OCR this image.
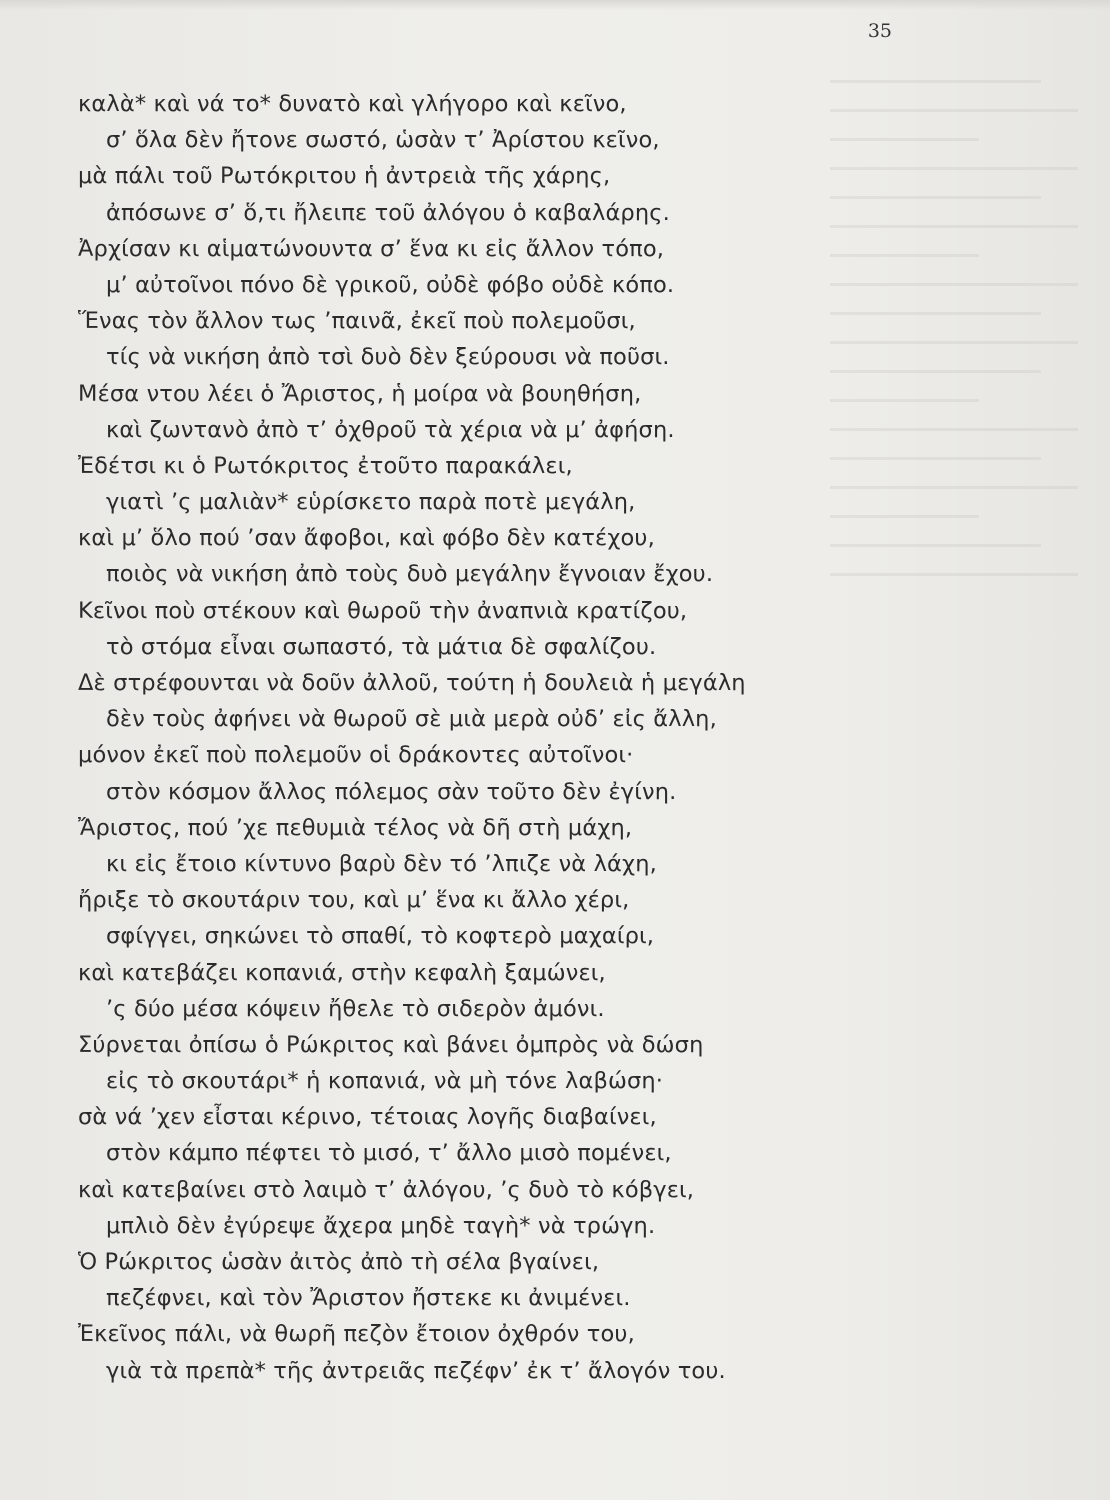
35
καλὰ* καὶ νά το* δυνατὸ καὶ γλήγορο καὶ κεῖνο,
σ’ ὅλα δὲν ἤτονε σωστό, ὡσὰν τ’ Ἀρίστου κεῖνο,
μὰ πάλι τοῦ Ρωτόκριτου ἡ ἀντρειὰ τῆς χάρης,
ἀπόσωνε σ’ ὅ,τι ἤλειπε τοῦ ἀλόγου ὁ καβαλάρης.
Ἀρχίσαν κι αἱματώνουντα σ’ ἕνα κι εἰς ἄλλον τόπο,
μ’ αὐτοῖνοι πόνο δὲ γρικοῦ, οὐδὲ φόβο οὐδὲ κόπο.
Ἕνας τὸν ἄλλον τως ’παινᾶ, ἐκεῖ ποὺ πολεμοῦσι,
τίς νὰ νικήση ἀπὸ τσὶ δυὸ δὲν ξεύρουσι νὰ ποῦσι.
Μέσα ντου λέει ὁ Ἄριστος, ἡ μοίρα νὰ βουηθήση,
καὶ ζωντανὸ ἀπὸ τ’ ὀχθροῦ τὰ χέρια νὰ μ’ ἀφήση.
Ἐδέτσι κι ὁ Ρωτόκριτος ἐτοῦτο παρακάλει,
γιατὶ ’ς μαλιὰν* εὑρίσκετο παρὰ ποτὲ μεγάλη,
καὶ μ’ ὅλο πού ’σαν ἄφοβοι, καὶ φόβο δὲν κατέχου,
ποιὸς νὰ νικήση ἀπὸ τοὺς δυὸ μεγάλην ἔγνοιαν ἔχου.
Κεῖνοι ποὺ στέκουν καὶ θωροῦ τὴν ἀναπνιὰ κρατίζου,
τὸ στόμα εἶναι σωπαστό, τὰ μάτια δὲ σφαλίζου.
Δὲ στρέφουνται νὰ δοῦν ἀλλοῦ, τούτη ἡ δουλειὰ ἡ μεγάλη
δὲν τοὺς ἀφήνει νὰ θωροῦ σὲ μιὰ μερὰ οὐδ’ εἰς ἄλλη,
μόνον ἐκεῖ ποὺ πολεμοῦν οἱ δράκοντες αὐτοῖνοι·
στὸν κόσμον ἄλλος πόλεμος σὰν τοῦτο δὲν ἐγίνη.
Ἄριστος, πού ’χε πεθυμιὰ τέλος νὰ δῆ στὴ μάχη,
κι εἰς ἔτοιο κίντυνο βαρὺ δὲν τό ’λπιζε νὰ λάχη,
ἤριξε τὸ σκουτάριν του, καὶ μ’ ἕνα κι ἄλλο χέρι,
σφίγγει, σηκώνει τὸ σπαθί, τὸ κοφτερὸ μαχαίρι,
καὶ κατεβάζει κοπανιά, στὴν κεφαλὴ ξαμώνει,
’ς δύο μέσα κόψειν ἤθελε τὸ σιδερὸν ἀμόνι.
Σύρνεται ὀπίσω ὁ Ρώκριτος καὶ βάνει ὀμπρὸς νὰ δώση
εἰς τὸ σκουτάρι* ἡ κοπανιά, νὰ μὴ τόνε λαβώση·
σὰ νά ’χεν εἶσται κέρινο, τέτοιας λογῆς διαβαίνει,
στὸν κάμπο πέφτει τὸ μισό, τ’ ἄλλο μισὸ πομένει,
καὶ κατεβαίνει στὸ λαιμὸ τ’ ἀλόγου, ’ς δυὸ τὸ κόβγει,
μπλιὸ δὲν ἐγύρεψε ἄχερα μηδὲ ταγὴ* νὰ τρώγη.
Ὁ Ρώκριτος ὡσὰν ἀιτὸς ἀπὸ τὴ σέλα βγαίνει,
πεζέφνει, καὶ τὸν Ἄριστον ἤστεκε κι ἀνιμένει.
Ἐκεῖνος πάλι, νὰ θωρῆ πεζὸν ἔτοιον ὀχθρόν του,
γιὰ τὰ πρεπὰ* τῆς ἀντρειᾶς πεζέφν’ ἐκ τ’ ἄλογόν του.
